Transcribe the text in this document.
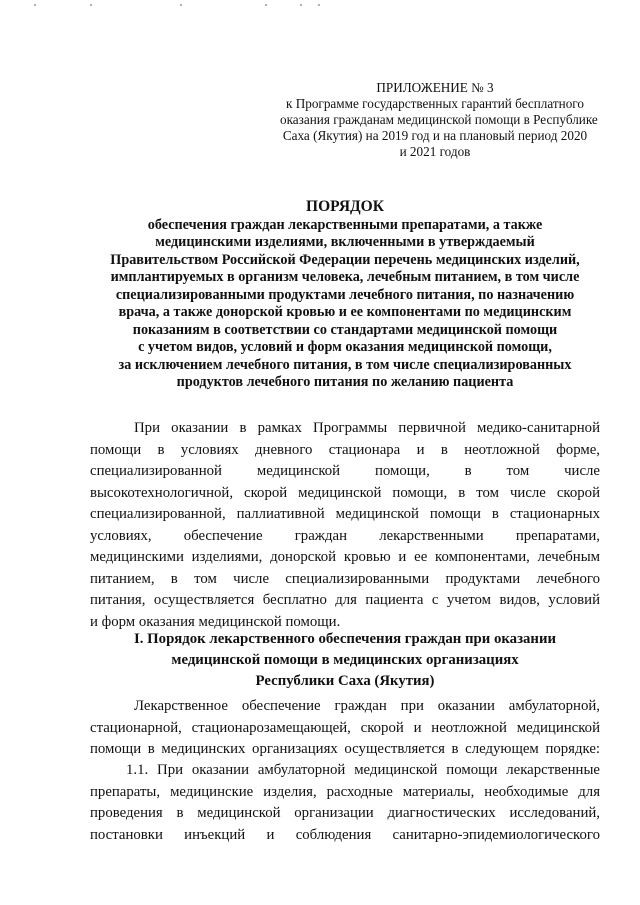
ПРИЛОЖЕНИЕ № 3
к Программе государственных гарантий бесплатного
оказания гражданам медицинской помощи в Республике
Саха (Якутия) на 2019 год и на плановый период 2020
и 2021 годов
ПОРЯДОК
обеспечения граждан лекарственными препаратами, а также
медицинскими изделиями, включенными в утверждаемый
Правительством Российской Федерации перечень медицинских изделий,
имплантируемых в организм человека, лечебным питанием, в том числе
специализированными продуктами лечебного питания, по назначению
врача, а также донорской кровью и ее компонентами по медицинским
показаниям в соответствии со стандартами медицинской помощи
с учетом видов, условий и форм оказания медицинской помощи,
за исключением лечебного питания, в том числе специализированных
продуктов лечебного питания по желанию пациента
При оказании в рамках Программы первичной медико-санитарной
помощи в условиях дневного стационара и в неотложной форме,
специализированной медицинской помощи, в том числе
высокотехнологичной, скорой медицинской помощи, в том числе скорой
специализированной, паллиативной медицинской помощи в стационарных
условиях, обеспечение граждан лекарственными препаратами,
медицинскими изделиями, донорской кровью и ее компонентами, лечебным
питанием, в том числе специализированными продуктами лечебного
питания, осуществляется бесплатно для пациента с учетом видов, условий
и форм оказания медицинской помощи.
I. Порядок лекарственного обеспечения граждан при оказании
медицинской помощи в медицинских организациях
Республики Саха (Якутия)
Лекарственное обеспечение граждан при оказании амбулаторной,
стационарной, стационарозамещающей, скорой и неотложной медицинской
помощи в медицинских организациях осуществляется в следующем порядке:
1.1. При оказании амбулаторной медицинской помощи лекарственные
препараты, медицинские изделия, расходные материалы, необходимые для
проведения в медицинской организации диагностических исследований,
постановки инъекций и соблюдения санитарно-эпидемиологического
